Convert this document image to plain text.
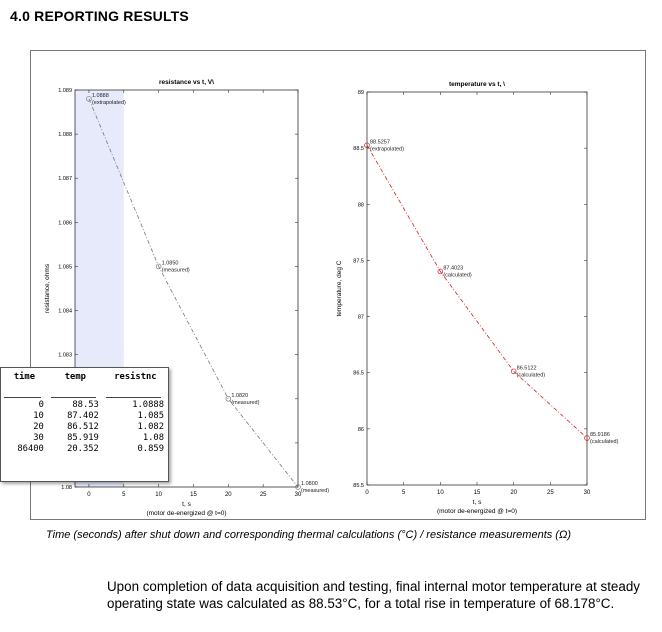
4.0 REPORTING RESULTS
resistance vs t, V\
0	5	10	15	20	25	30
1.08
1.083
1.084
1.085
1.086
1.087
1.088
1.089
t, s
(motor de-energized @ t=0)
resistance, ohms
1.0888
(extrapolated)
1.0850
(measured)
1.0820
(measured)
1.0800
(measured)
temperature vs t, \
0	5	10	15	20	25	30
85.5
86
86.5
87
87.5
88
88.5
89
t, s
(motor de-energized @ t=0)
temperature, deg C
88.5257
(extrapolated)
87.4023
(calculated)
86.5122
(calculated)
85.9186
(calculated)
time	temp	resistnc

0	88.53	1.0888
10	87.402	1.085
20	86.512	1.082
30	85.919	1.08
86400	20.352	0.859
Time (seconds) after shut down and corresponding thermal calculations (°C) / resistance measurements (Ω)
Upon completion of data acquisition and testing, final internal motor temperature at steady operating state was calculated as 88.53°C, for a total rise in temperature of 68.178°C.
